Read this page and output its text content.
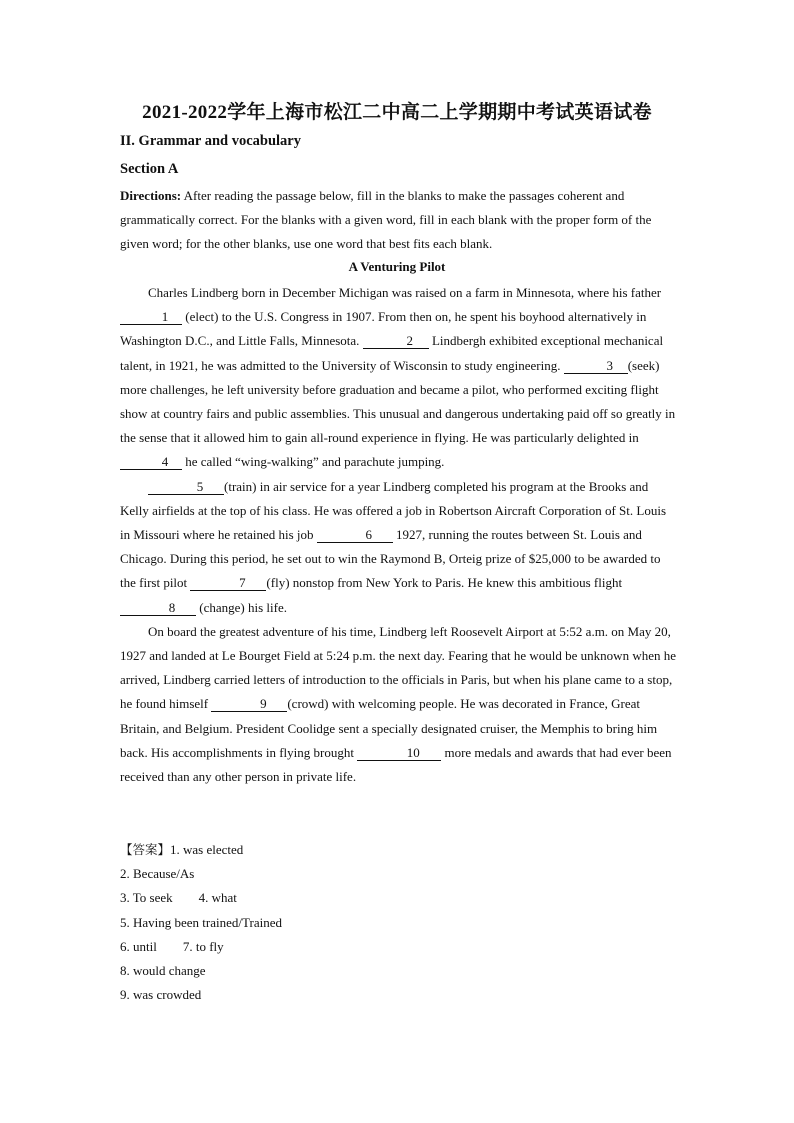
2021-2022学年上海市松江二中高二上学期期中考试英语试卷
II. Grammar and vocabulary
Section A
Directions: After reading the passage below, fill in the blanks to make the passages coherent and grammatically correct. For the blanks with a given word, fill in each blank with the proper form of the given word; for the other blanks, use one word that best fits each blank.
A Venturing Pilot

Charles Lindberg born in December Michigan was raised on a farm in Minnesota, where his father 1 (elect) to the U.S. Congress in 1907. From then on, he spent his boyhood alternatively in Washington D.C., and Little Falls, Minnesota.	2 Lindbergh exhibited exceptional mechanical talent, in 1921, he was admitted to the University of Wisconsin to study engineering.	3 (seek) more challenges, he left university before graduation and became a pilot, who performed exciting flight show at country fairs and public assemblies. This unusual and dangerous undertaking paid off so greatly in the sense that it allowed him to gain all-round experience in flying. He was particularly delighted in 4 he called “wing-walking” and parachute jumping.

5 (train) in air service for a year Lindberg completed his program at the Brooks and Kelly airfields at the top of his class. He was offered a job in Robertson Aircraft Corporation of St. Louis in Missouri where he retained his job	6 1927, running the routes between St. Louis and Chicago. During this period, he set out to win the Raymond B, Orteig prize of $25,000 to be awarded to the first pilot	7 (fly) nonstop from New York to Paris. He knew this ambitious flight 8 (change) his life.

On board the greatest adventure of his time, Lindberg left Roosevelt Airport at 5:52 a.m. on May 20, 1927 and landed at Le Bourget Field at 5:24 p.m. the next day. Fearing that he would be unknown when he arrived, Lindberg carried letters of introduction to the officials in Paris, but when his plane came to a stop, he found himself	9 (crowd) with welcoming people. He was decorated in France, Great Britain, and Belgium. President Coolidge sent a specially designated cruiser, the Memphis to bring him back. His accomplishments in flying brought	10 more medals and awards that had ever been received than any other person in private life.

【答案】1. was elected
2. Because/As
3. To seek        4. what
5. Having been trained/Trained
6. until        7. to fly
8. would change
9. was crowded
